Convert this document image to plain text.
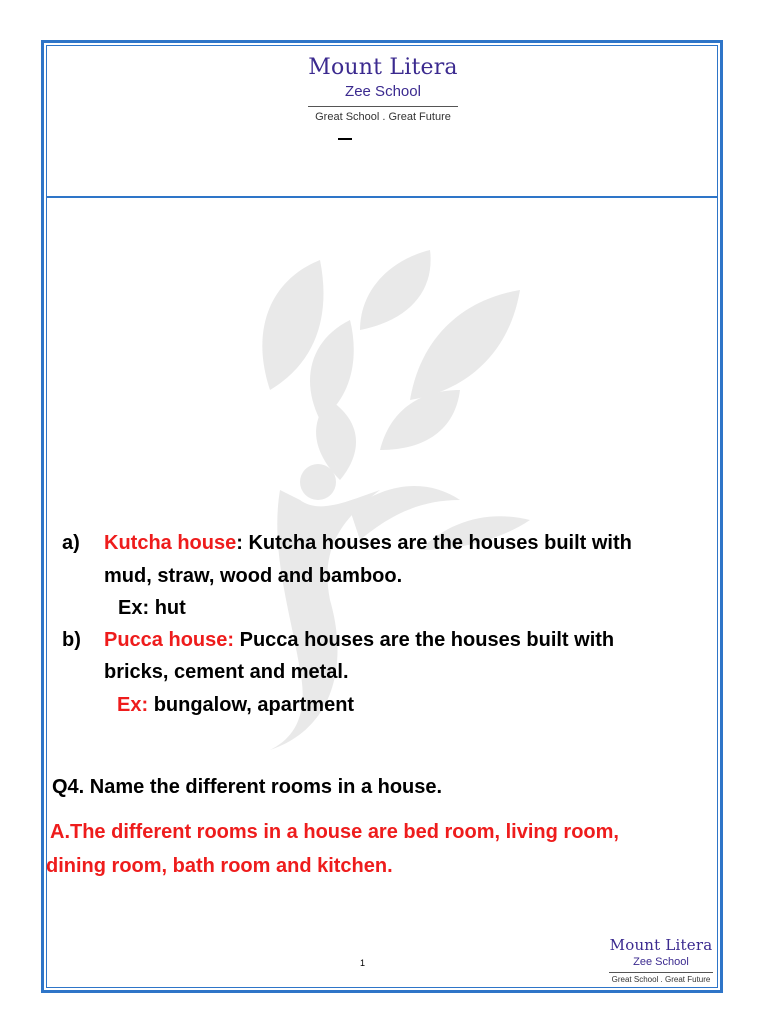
Mount Litera
Zee School
Great School . Great Future
a) Kutcha house: Kutcha houses are the houses built with
mud, straw, wood and bamboo.
Ex: hut
b) Pucca house: Pucca houses are the houses built with
bricks, cement and metal.
Ex: bungalow, apartment
Q4. Name the different rooms in a house.
A.The different rooms in a house are bed room, living room,
dining room, bath room and kitchen.
1
Mount Litera
Zee School
Great School . Great Future
